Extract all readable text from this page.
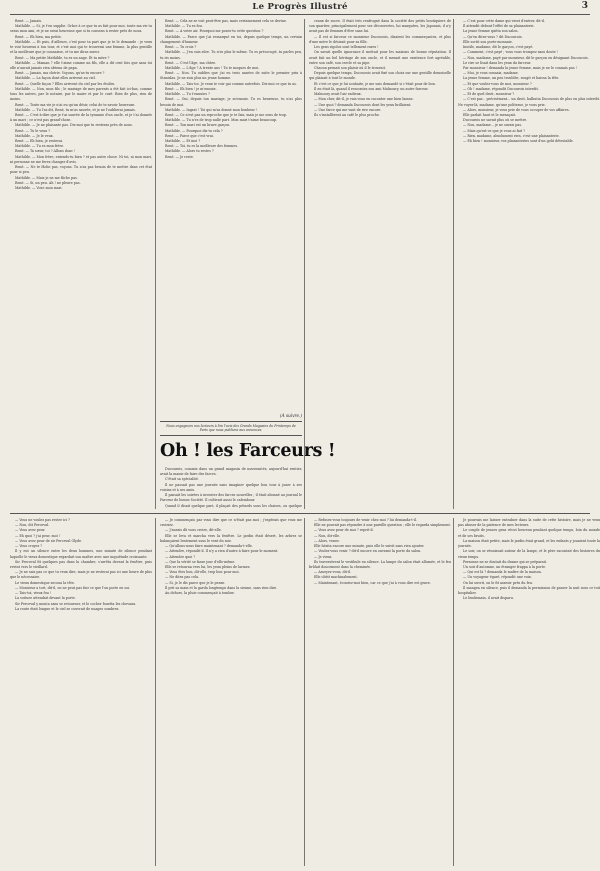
Le Progrès Illustré	3

René. — Jamais.

Mathilde. — Si, je t'en supplie. Grâce à ce que tu as fait pour moi, toute ma vie tu seras mon ami, et je ne serai heureuse que si tu consens à rester près de nous.

René. — Eh bien, ma petite.

Mathilde. — Et puis, d'ailleurs, c'est pour ta part que je te le demande : je veux te voir heureux à ton tour, et c'est moi qui te trouverai une femme, la plus gentille et la meilleure que je connaisse, et tu me diras merci.

René. — Ma petite Mathilde, tu es un ange. Et ta mère ?

Mathilde. — Maman ? elle t'aime comme un fils, elle a dit cent fois que sans toi elle n'aurait jamais rien obtenu de papa.

René. — Jamais, ma chérie. Voyons, qu'as-tu encore ?

Mathilde. — La façon dont elles arrivent au ciel.

René. — Quelle façon ? Elles arrivent du ciel par les étoiles.

Mathilde. — Non, mon fils ; le mariage de mes parents a été fait ici-bas, comme tous les autres, par le notaire, par le maire et par le curé. Rien de plus, rien de moins.

René. — Toute ma vie je n'ai eu qu'un désir, celui de te savoir heureuse.

Mathilde. — Tu l'as dit, René, tu m'as sauvée, et je ne l'oublierai jamais.

René. — C'est-à-dire que je t'ai sauvée de la tyrannie d'un oncle, et je t'ai donnée à un mari ; ce n'est pas grand'chose.

Mathilde. — Je ne plaisante pas. Dis-moi que tu resteras près de nous.

René. — Tu le veux ?

Mathilde. — Je le veux.

René. — Eh bien, je resterai.

Mathilde. — Tu es mon frère.

René. — Ta sœur, toi ? Allons donc !

Mathilde. — Mon frère, entends-tu bien ? et pas autre chose. Ni toi, ni mon mari, ni personne ne me ferez changer d'avis.

René. — Ne te fâche pas, voyons. Tu n'as pas besoin de te mettre dans cet état pour si peu.

Mathilde. — Mais je ne me fâche pas.

René. — Si, un peu. Ah ! ne pleure pas.

Mathilde. — Voici mon mari.

René. — Cela ne se voit peut-être pas, mais certainement cela se devine.

Mathilde. — Tu es fou.

René. — A votre air. Pourquoi me poses-tu cette question ?

Mathilde. — Parce que j'ai remarqué en toi, depuis quelque temps, un certain changement d'humeur.

René. — Tu crois ?

Mathilde. — J'en suis sûre. Tu n'es plus le même. Tu es préoccupé, tu parles peu, tu ris moins.

René. — C'est l'âge, ma chère.

Mathilde. — L'âge ? A trente ans ! Tu te moques de moi.

René. — Non. Tu oublies que j'ai eu trois années de suite le premier prix à Stanislas. Je ne suis plus un jeune homme.

Mathilde. — Tais-toi. Je veux te voir gai comme autrefois. Dis-moi ce que tu as.

René. — Eh bien ! je m'ennuie.

Mathilde. — Tu t'ennuies ?

René. — Oui, depuis ton mariage, je m'ennuie. Tu es heureuse, tu n'as plus besoin de moi.

Mathilde. — Ingrat ! Toi qui m'as donné mon bonheur !

René. — Ce n'est pas un reproche que je te fais, mais je me sens de trop.

Mathilde. — Tu n'es de trop nulle part. Mon mari t'aime beaucoup.

René. — Ton mari est un brave garçon.

Mathilde. — Pourquoi dis-tu cela ?

René. — Parce que c'est vrai.

Mathilde. — Et moi ?

René. — Toi, tu es la meilleure des femmes.

Mathilde. — Alors tu restes ?

René. — Je reste.

(A suivre.)
Nous engageons nos lecteurs à lire l'avis des Grands Magasins du Printemps de Paris que nous publions aux annonces.
Oh ! les Farceurs !

Ducourois, commis dans un grand magasin de nouveautés, aujourd'hui rentier, avait la manie de faire des farces.

C'était sa spécialité.

Il ne passait pas une journée sans imaginer quelque bon tour à jouer à ses voisins et à ses amis.

Il passait les soirées à inventer des farces nouvelles ; il était abonné au journal le Farceur de bonne Société. Il cultivait aussi le calembour.

Quand il disait quelque part, il plaçait des pétards sous les chaises, ou quelque

ceaux de sucre. Il était très renfrogné dans la société des petits boutiquiers de son quartier, principalement pour ses découvertes, lui marquées, les Japonais, il n'y avait pas de femmes d'être sans lui.

— Il est si farceur ce monsieur Ducourois, disaient les commerçantes, et plus d'une mère le désirait pour sa fille.

Les gens rigolos sont tellement rares !

On savait quelle ignorance il mettait pour les maisons de bonne réputation. Il avait fait un bel héritage de son oncle, et il menait une existence fort agréable, entre son café, son cercle et sa pipe.

Chacun prenait son plaisir où il le trouvait.

Depuis quelque temps, Ducourois avait fixé son choix sur une gentille demoiselle qui plaisait à tout le monde.

Et c'est ce que je lui souhaite, je me suis demandé si c'était pour de bon.

Il en était là, quand il rencontra son ami Malnoury, un autre farceur.

Malnoury avait l'air radieux.

— Mon cher, dit-il, je vais vous en raconter une bien bonne.

— Une quoi ? demanda Ducourois dont les yeux brillaient.

— Une farce qui me vaut de rire encore.

Ils s'installèrent au café le plus proche.

— C'est pour cette dame qui vient d'entrer, dit-il.

Il attendit debout l'effet de sa plaisanterie.

La jeune femme quitta son salon.

— Qu'en dites-vous ? dit Ducourois.

Elle sortit son porte-monnaie.

Inutile, madame, dit le garçon, c'est payé.

— Comment, c'est payé ; vous vous trompez sans doute !

— Non, madame, payé par monsieur, dit le garçon en désignant Ducourois.

Le rire se lisait dans les yeux du farceur.

Par monsieur ! demanda la jeune femme, mais je ne le connais pas !

— Moi, je vous connais, madame.

La jeune femme, un peu troublée, rougit et baissa la tête.

— Et que voulez-vous de moi, monsieur ?

— Oh ! madame, répondit Ducourois interdit.

— Et de quel droit, monsieur ?

— C'est par... précisément... un droit, balbutia Ducourois de plus en plus interdit. Ne voyez-là, madame, qu'une politesse, je vous prie.

— Alors, monsieur, je vous prie de vous occuper de vos affaires.

Elle parlait haut et le menaçait.

Ducourois ne savait plus où se mettre.

— Non, madame... je ne savais pas.

— Mais qu'est-ce que je vous ai fait ?

— Rien, madame, absolument rien, c'est une plaisanterie.

— Eh bien ! monsieur, vos plaisanteries sont d'un goût détestable.

— Vous ne voulez pas rester ici ?

— Non, dit Perceval.

— Vous avez peur.

— Eh quoi ? j'ai peur, moi !

— Vous avez peur de sir Perceval Glyde.

— Vous croyez ?

Il y eut un silence entre les deux hommes, une minute de silence pendant laquelle le vieux domestique regardait son maître avec une inquiétude croissante.

Sir Perceval fit quelques pas dans la chambre, s'arrêta devant la fenêtre, puis revint vers le vieillard.

— Je ne sais pas ce que tu veux dire, mais je ne resterai pas ici une heure de plus que le nécessaire.

Le vieux domestique secoua la tête.

— Monsieur a tort, dit-il, on ne peut pas fuir ce que l'on porte en soi.

— Tais-toi, vieux fou !

La voiture attendait devant la porte.

Sir Perceval y monta sans se retourner, et le cocher fouetta les chevaux.

La route était longue et le ciel se couvrait de nuages sombres.

— Je commençais par vous dire que ce n'était pas moi ; j'espérais que vous me croiriez.

— J'aurais dû vous croire, dit-elle.

Elle se leva et marcha vers la fenêtre. Le jardin était désert, les arbres se balançaient lentement sous le vent du soir.

— Qu'allons-nous faire maintenant ? demanda-t-elle.

— Attendre, répondit-il. Il n'y a rien d'autre à faire pour le moment.

— Attendre quoi ?

— Que la vérité se fasse jour d'elle-même.

Elle se retourna vers lui, les yeux pleins de larmes.

— Vous êtes bon, dit-elle, trop bon pour moi.

— Ne dites pas cela.

— Si, je le dis parce que je le pense.

Il prit sa main et la garda longtemps dans la sienne, sans rien dire.

Au dehors, la pluie commençait à tomber.

— Refusez-vous toujours de venir chez moi ? lui demanda-t-il.

Elle ne pouvait pas répondre à une pareille question ; elle le regarda simplement.

— Vous avez peur de moi ? reprit-il.

— Non, dit-elle.

— Alors, venez.

Elle hésita encore une minute, puis elle le suivit sans rien ajouter.

— Voulez-vous venir ? dit-il encore en ouvrant la porte du salon.

— Je viens.

Ils traversèrent le vestibule en silence. La lampe du salon était allumée, et le feu brûlait doucement dans la cheminée.

— Asseyez-vous, dit-il.

Elle obéit machinalement.

— Maintenant, écoutez-moi bien, car ce que j'ai à vous dire est grave.

Je pourrais me laisser entraîner dans la suite de cette histoire, mais je ne veux pas abuser de la patience de mes lecteurs.

Le couple de jeunes gens vécut heureux pendant quelque temps, loin du monde et de ses bruits.

La maison était petite, mais le jardin était grand, et les enfants y jouaient toute la journée.

Le soir, on se réunissait autour de la lampe, et le père racontait des histoires du vieux temps.

Personne ne se doutait du drame qui se préparait.

Un soir d'automne, un étranger frappa à la porte.

— Qui est là ? demanda le maître de la maison.

— Un voyageur égaré, répondit une voix.

On lui ouvrit, on le fit asseoir près du feu.

Il mangea en silence, puis il demanda la permission de passer la nuit sous ce toit hospitalier.

Le lendemain, il avait disparu.
